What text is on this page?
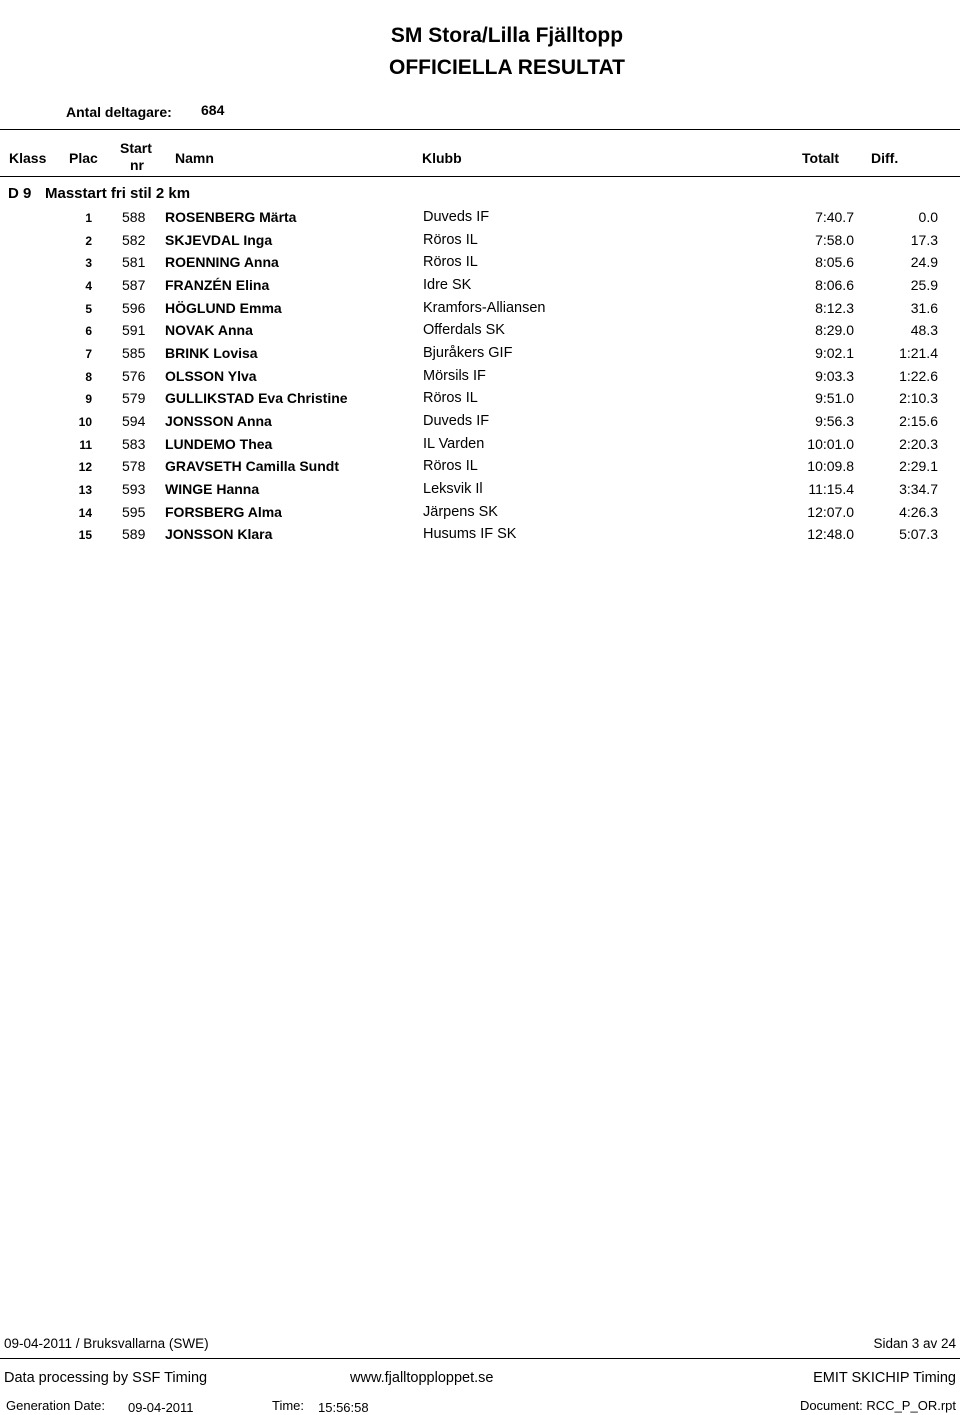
SM Stora/Lilla Fjälltopp
OFFICIELLA RESULTAT
Antal deltagare: 684
Klass Plac
Start
nr Namn	Klubb	Totalt Diff.
D 9 Masstart fri stil 2 km
1 588 ROSENBERG Märta	Duveds IF	7:40.7	0.0
2 582 SKJEVDAL Inga	Röros IL	7:58.0	17.3
3 581 ROENNING Anna	Röros IL	8:05.6	24.9
4 587 FRANZÉN Elina	Idre SK	8:06.6	25.9
5 596 HÖGLUND Emma	Kramfors-Alliansen	8:12.3	31.6
6 591 NOVAK Anna	Offerdals SK	8:29.0	48.3
7 585 BRINK Lovisa	Bjuråkers GIF	9:02.1	1:21.4
8 576 OLSSON Ylva	Mörsils IF	9:03.3	1:22.6
9 579 GULLIKSTAD Eva Christine	Röros IL	9:51.0	2:10.3
10 594 JONSSON Anna	Duveds IF	9:56.3	2:15.6
11 583 LUNDEMO Thea	IL Varden	10:01.0	2:20.3
12 578 GRAVSETH Camilla Sundt	Röros IL	10:09.8	2:29.1
13 593 WINGE Hanna	Leksvik Il	11:15.4	3:34.7
14 595 FORSBERG Alma	Järpens SK	12:07.0	4:26.3
15 589 JONSSON Klara	Husums IF SK	12:48.0	5:07.3
09-04-2011 / Bruksvallarna (SWE)	Sidan 3 av 24
Data processing by SSF Timing	www.fjalltopploppet.se	EMIT SKICHIP Timing
Generation Date: 09-04-2011	Time: 15:56:58	Document: RCC_P_OR.rpt
